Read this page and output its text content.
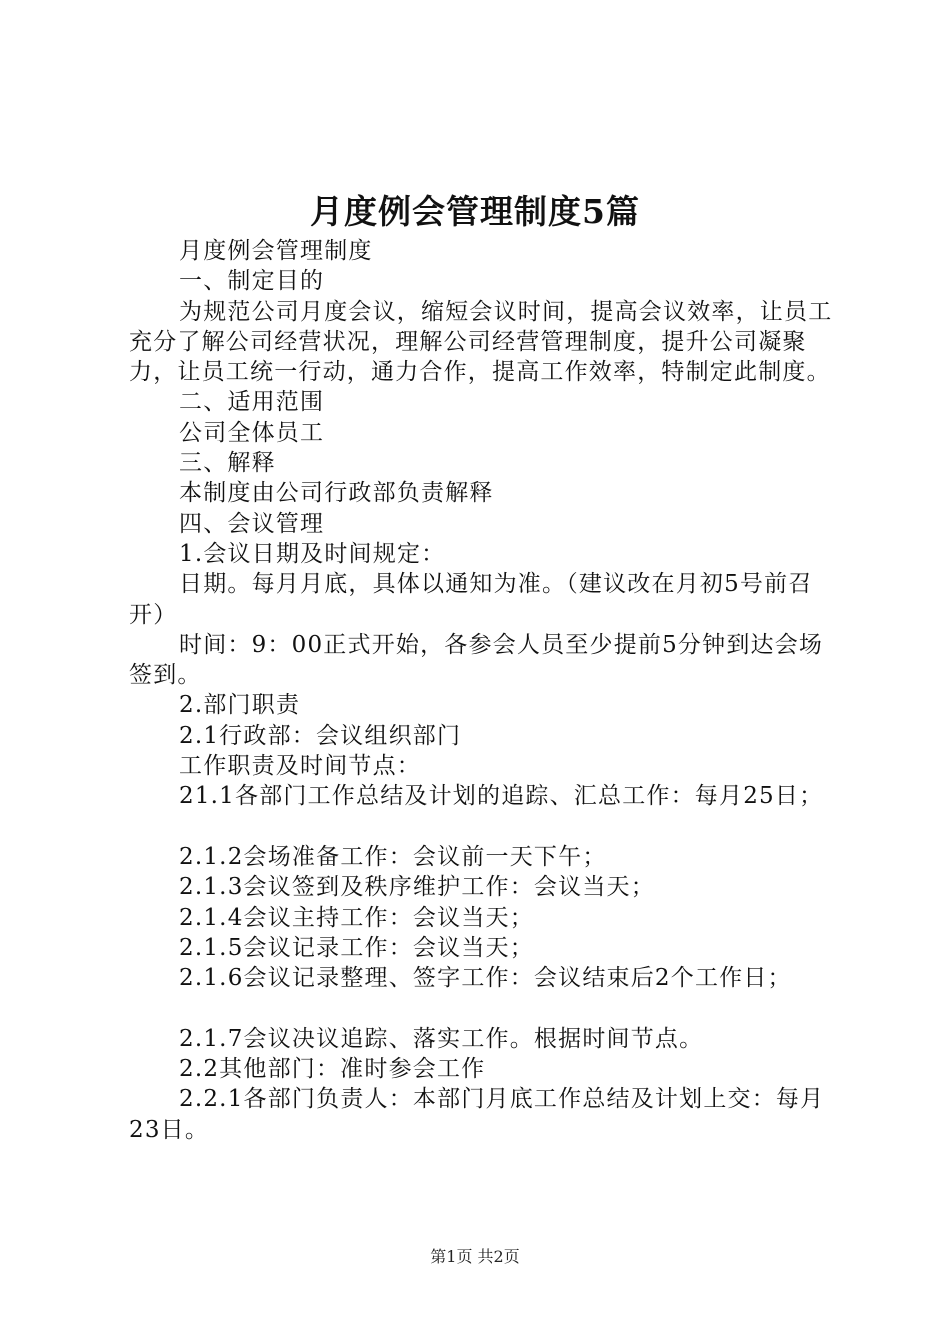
月度例会管理制度5篇

月度例会管理制度

一、制定目的

为规范公司月度会议，缩短会议时间，提高会议效率，让员工充分了解公司经营状况，理解公司经营管理制度，提升公司凝聚力，让员工统一行动，通力合作，提高工作效率，特制定此制度。

二、适用范围

公司全体员工

三、解释

本制度由公司行政部负责解释

四、会议管理

1.会议日期及时间规定：

日期。每月月底，具体以通知为准。（建议改在月初5号前召开）

时间：9：00正式开始，各参会人员至少提前5分钟到达会场签到。

2.部门职责

2.1行政部：会议组织部门

工作职责及时间节点：

21.1各部门工作总结及计划的追踪、汇总工作：每月25日；

2.1.2会场准备工作：会议前一天下午；

2.1.3会议签到及秩序维护工作：会议当天；

2.1.4会议主持工作：会议当天；

2.1.5会议记录工作：会议当天；

2.1.6会议记录整理、签字工作：会议结束后2个工作日；

2.1.7会议决议追踪、落实工作。根据时间节点。

2.2其他部门：准时参会工作

2.2.1各部门负责人：本部门月底工作总结及计划上交：每月23日。

第1页 共2页
